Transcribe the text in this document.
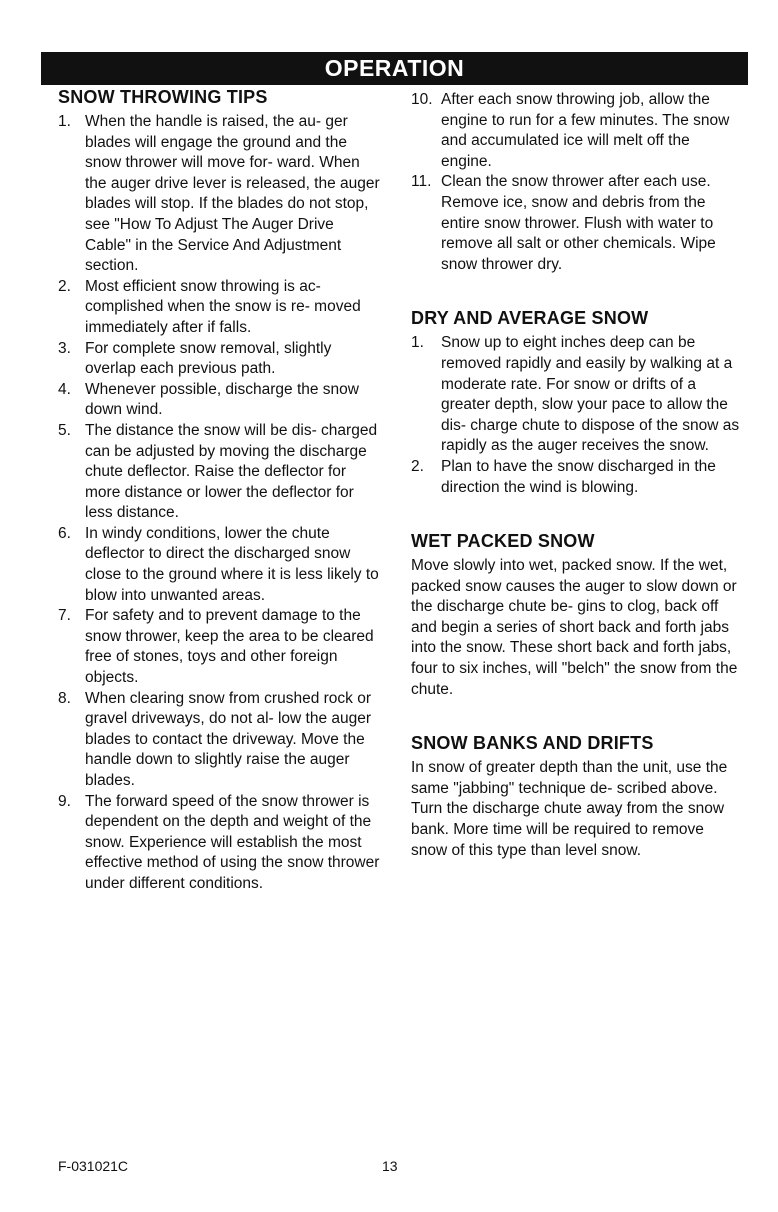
OPERATION
SNOW THROWING TIPS
1. When the handle is raised, the au- ger blades will engage the ground and the snow thrower will move for- ward. When the auger drive lever is released, the auger blades will stop. If the blades do not stop, see "How To Adjust The Auger Drive Cable" in the Service And Adjustment section.
2. Most efficient snow throwing is ac- complished when the snow is re- moved immediately after if falls.
3. For complete snow removal, slightly overlap each previous path.
4. Whenever possible, discharge the snow down wind.
5. The distance the snow will be dis- charged can be adjusted by moving the discharge chute deflector. Raise the deflector for more distance or lower the deflector for less distance.
6. In windy conditions, lower the chute deflector to direct the discharged snow close to the ground where it is less likely to blow into unwanted areas.
7. For safety and to prevent damage to the snow thrower, keep the area to be cleared free of stones, toys and other foreign objects.
8. When clearing snow from crushed rock or gravel driveways, do not al- low the auger blades to contact the driveway. Move the handle down to slightly raise the auger blades.
9. The forward speed of the snow thrower is dependent on the depth and weight of the snow. Experience will establish the most effective method of using the snow thrower under different conditions.
10. After each snow throwing job, allow the engine to run for a few minutes. The snow and accumulated ice will melt off the engine.
11. Clean the snow thrower after each use. Remove ice, snow and debris from the entire snow thrower. Flush with water to remove all salt or other chemicals. Wipe snow thrower dry.
DRY AND AVERAGE SNOW
1. Snow up to eight inches deep can be removed rapidly and easily by walking at a moderate rate. For snow or drifts of a greater depth, slow your pace to allow the dis- charge chute to dispose of the snow as rapidly as the auger receives the snow.
2. Plan to have the snow discharged in the direction the wind is blowing.
WET PACKED SNOW

Move slowly into wet, packed snow. If the wet, packed snow causes the auger to slow down or the discharge chute be- gins to clog, back off and begin a series of short back and forth jabs into the snow. These short back and forth jabs, four to six inches, will "belch" the snow from the chute.

SNOW BANKS AND DRIFTS

In snow of greater depth than the unit, use the same "jabbing" technique de- scribed above. Turn the discharge chute away from the snow bank. More time will be required to remove snow of this type than level snow.

F-031021C	13
